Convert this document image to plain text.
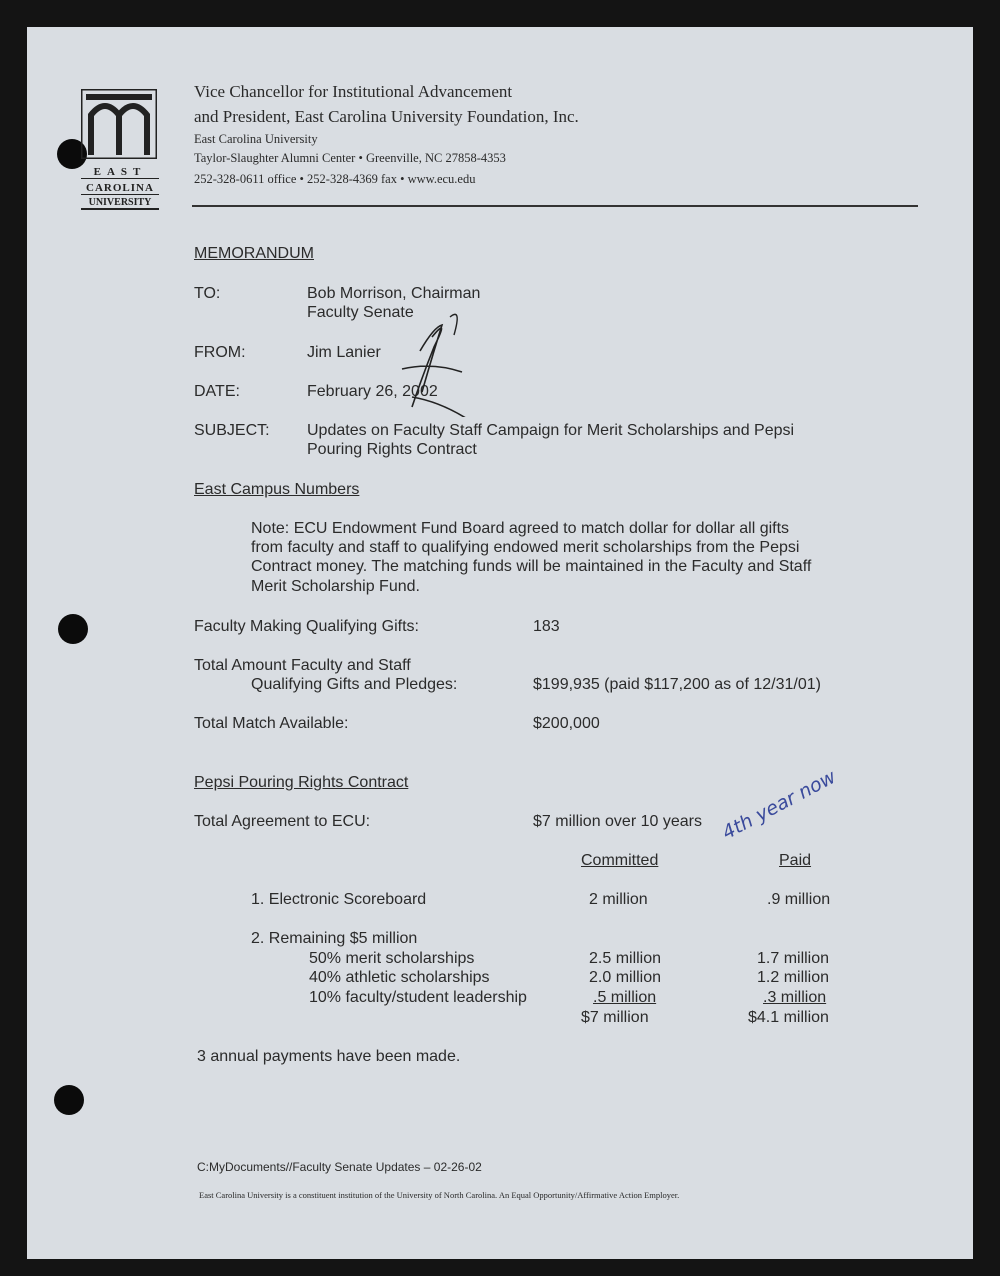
EAST
CAROLINA
UNIVERSITY
Vice Chancellor for Institutional Advancement
and President, East Carolina University Foundation, Inc.
East Carolina University
Taylor-Slaughter Alumni Center • Greenville, NC 27858-4353
252-328-0611 office • 252-328-4369 fax • www.ecu.edu
MEMORANDUM
TO:	Bob Morrison, Chairman
Faculty Senate
FROM:	Jim Lanier
DATE:	February 26, 2002
SUBJECT: Updates on Faculty Staff Campaign for Merit Scholarships and Pepsi
Pouring Rights Contract
East Campus Numbers
Note: ECU Endowment Fund Board agreed to match dollar for dollar all gifts
from faculty and staff to qualifying endowed merit scholarships from the Pepsi
Contract money. The matching funds will be maintained in the Faculty and Staff
Merit Scholarship Fund.
Faculty Making Qualifying Gifts:	183
Total Amount Faculty and Staff
Qualifying Gifts and Pledges:	$199,935 (paid $117,200 as of 12/31/01)
Total Match Available:	$200,000
Pepsi Pouring Rights Contract
Total Agreement to ECU:	$7 million over 10 years 4th year now
Committed	Paid
1. Electronic Scoreboard	2 million	.9 million
2. Remaining $5 million
50% merit scholarships	2.5 million	1.7 million
40% athletic scholarships	2.0 million	1.2 million
10% faculty/student leadership	.5 million	.3 million
$7 million	$4.1 million
3 annual payments have been made.
C:MyDocuments//Faculty Senate Updates – 02-26-02
East Carolina University is a constituent institution of the University of North Carolina. An Equal Opportunity/Affirmative Action Employer.
